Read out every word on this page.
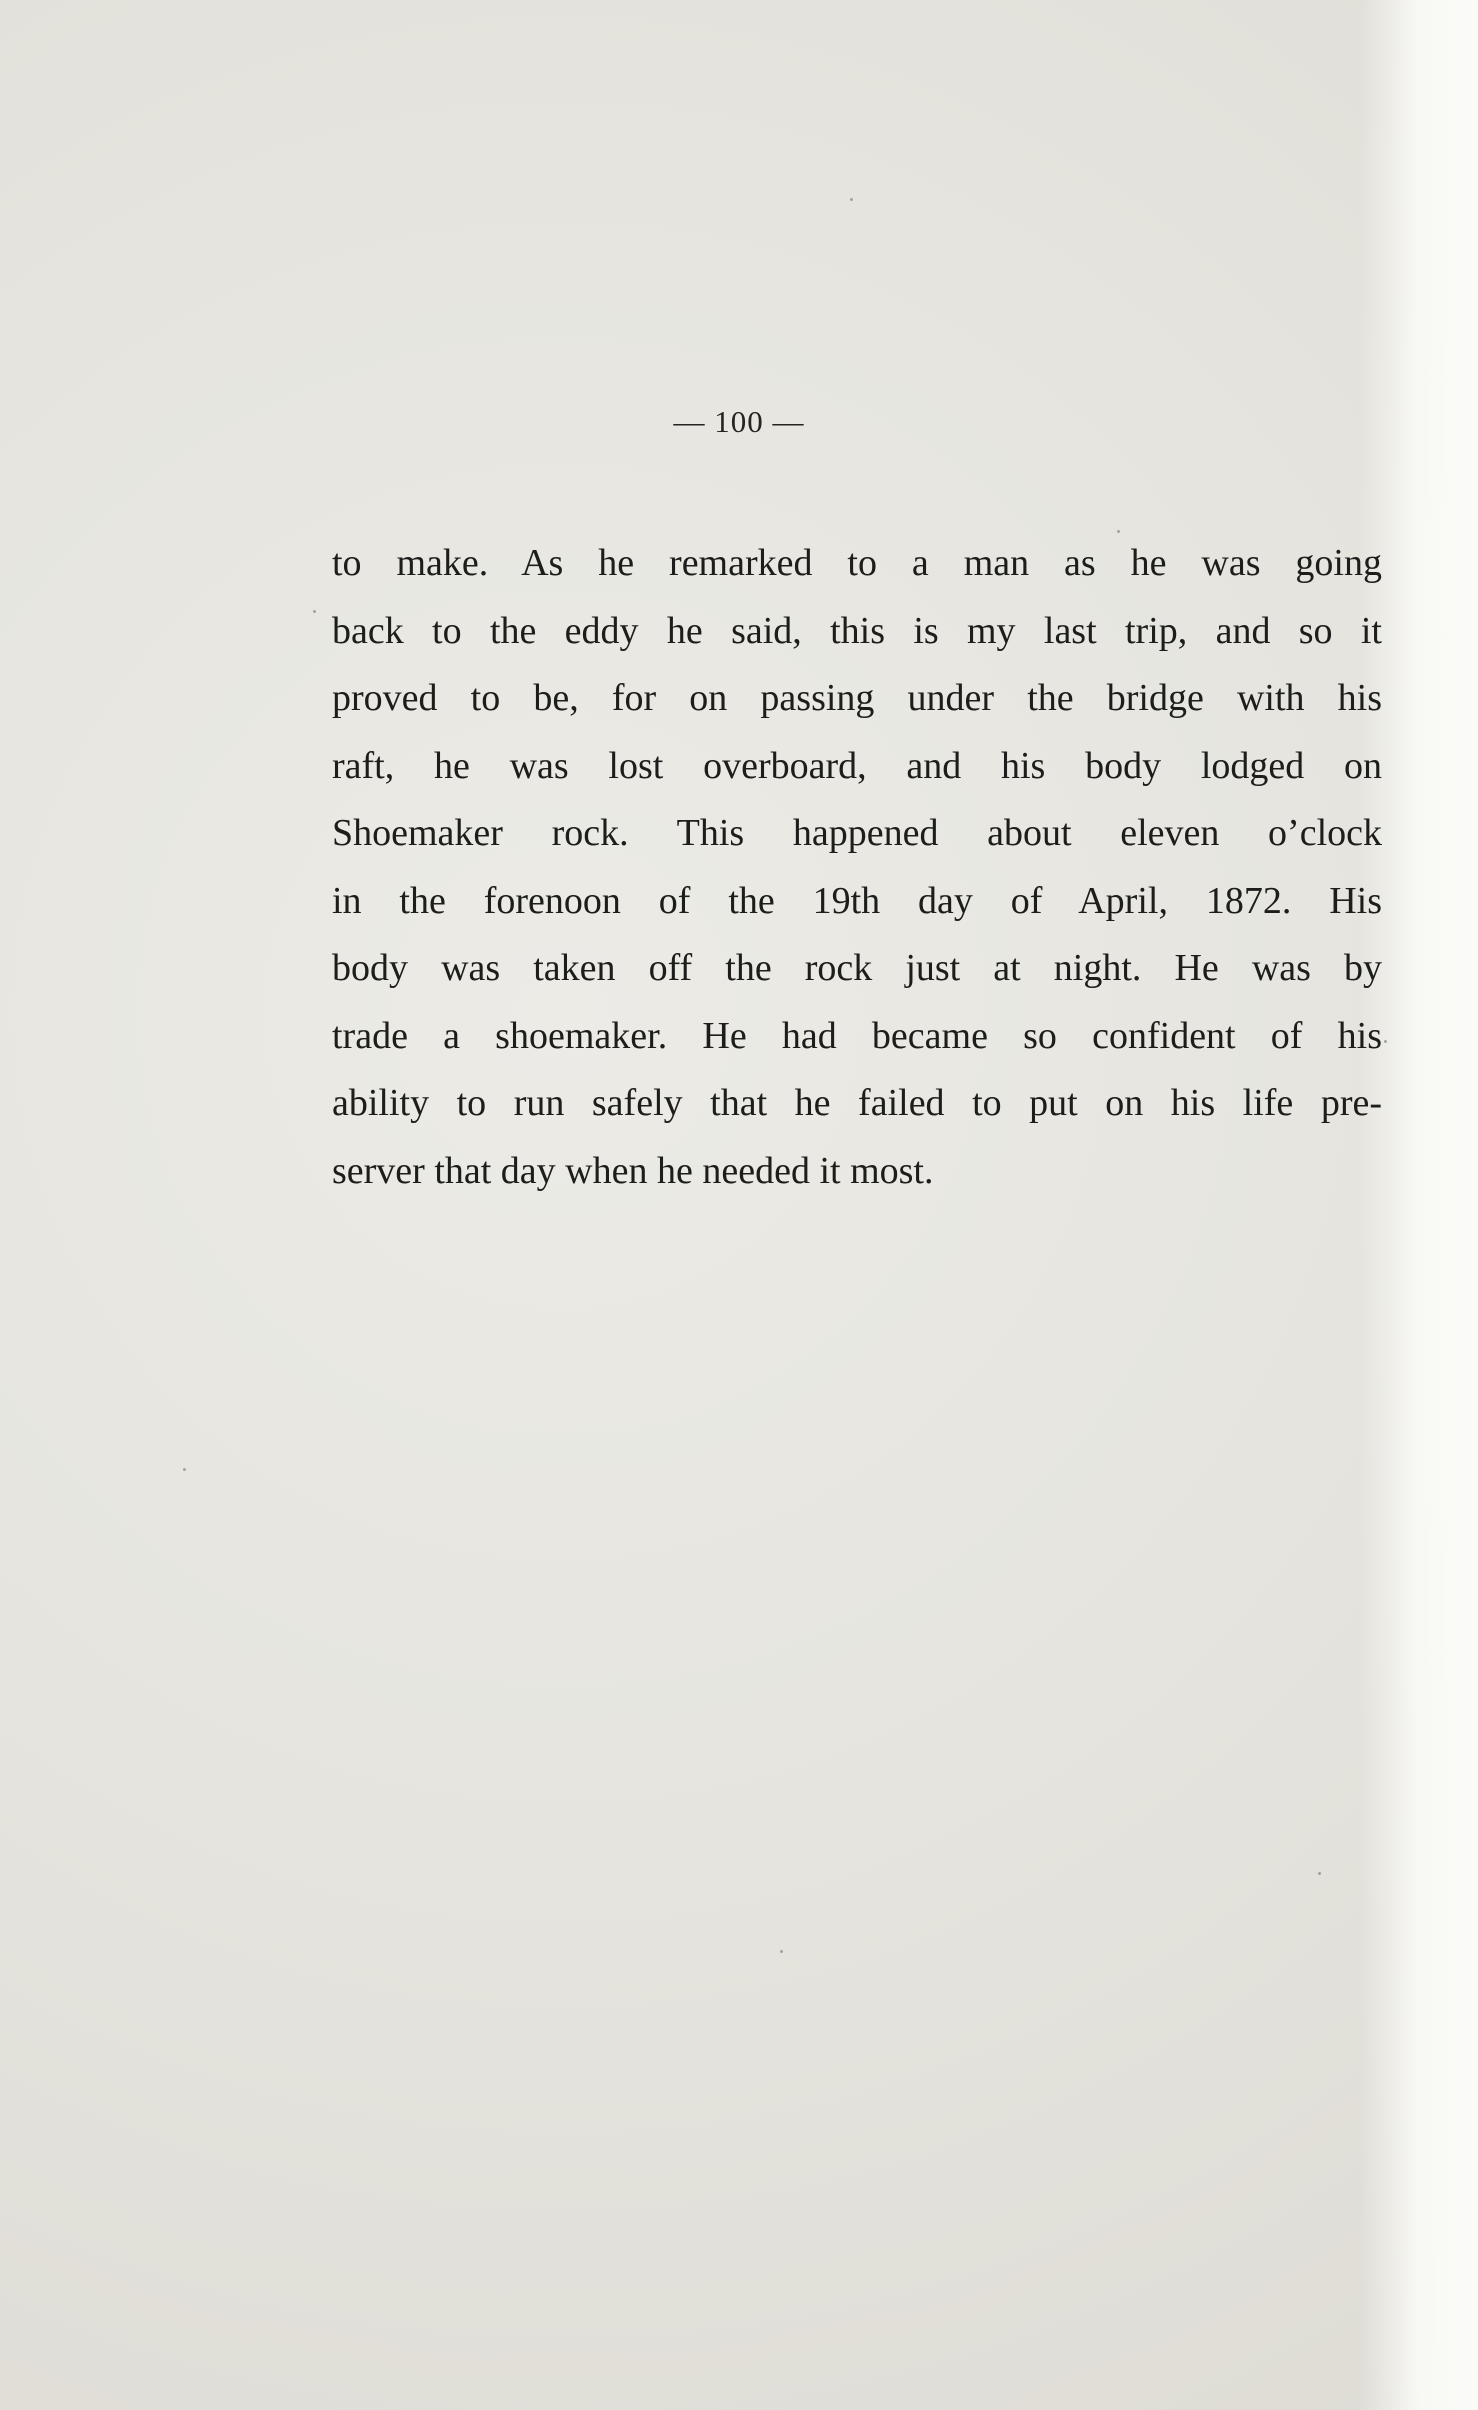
— 100 —
to make. As he remarked to a man as he was going
back to the eddy he said, this is my last trip, and so it
proved to be, for on passing under the bridge with his
raft, he was lost overboard, and his body lodged on
Shoemaker rock. This happened about eleven o’clock
in the forenoon of the 19th day of April, 1872. His
body was taken off the rock just at night. He was by
trade a shoemaker. He had became so confident of his
ability to run safely that he failed to put on his life pre-
server that day when he needed it most.
